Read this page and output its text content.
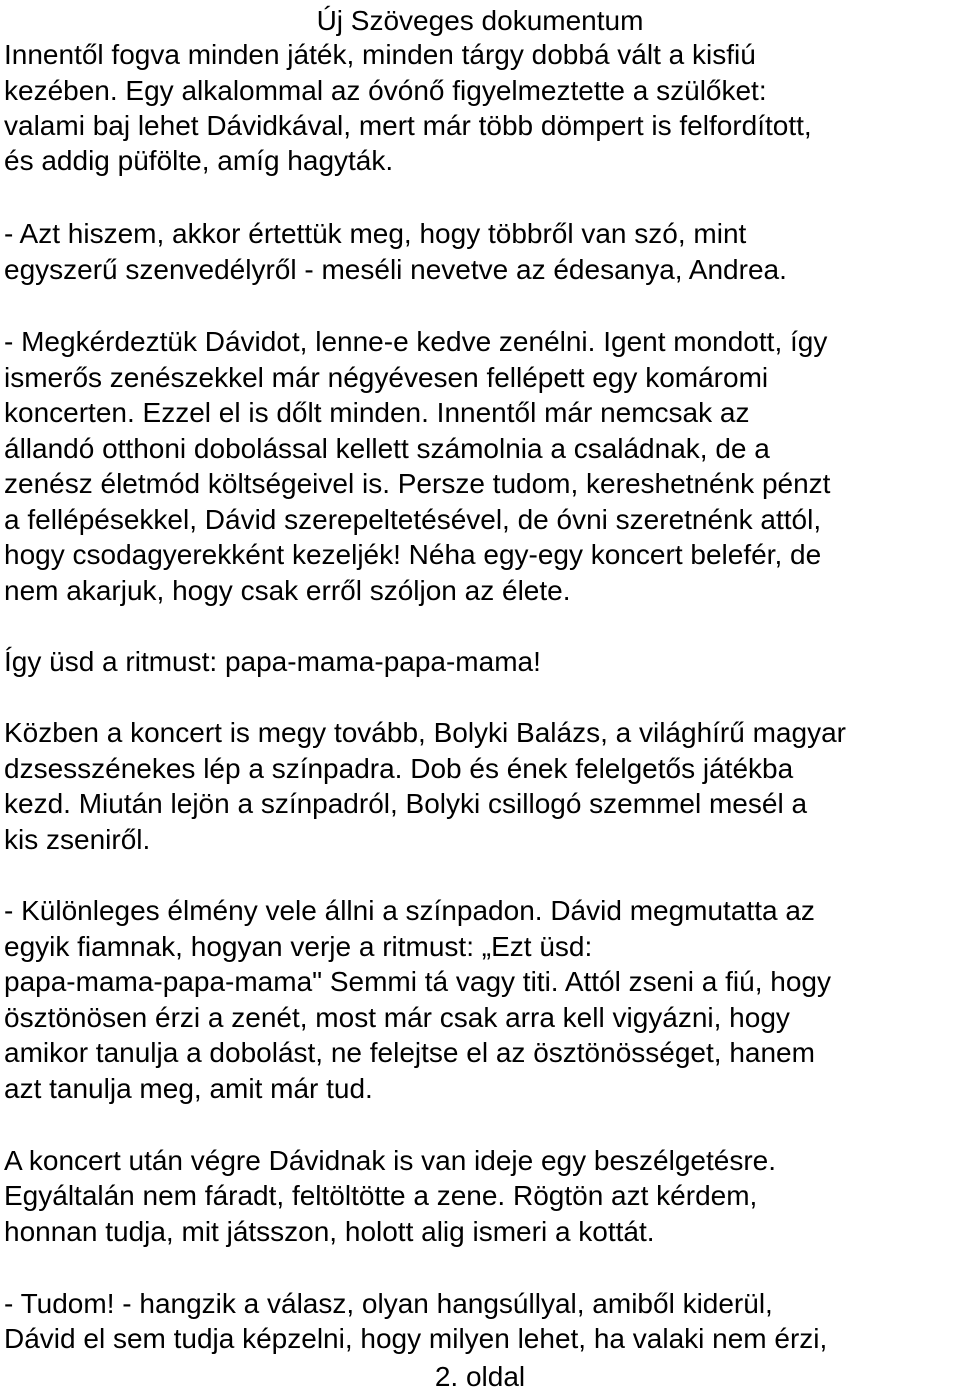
Új Szöveges dokumentum
Innentől fogva minden játék, minden tárgy dobbá vált a kisfiú
kezében. Egy alkalommal az óvónő figyelmeztette a szülőket:
valami baj lehet Dávidkával, mert már több dömpert is felfordított,
és addig püfölte, amíg hagyták.
- Azt hiszem, akkor értettük meg, hogy többről van szó, mint
egyszerű szenvedélyről - meséli nevetve az édesanya, Andrea.
- Megkérdeztük Dávidot, lenne-e kedve zenélni. Igent mondott, így
ismerős zenészekkel már négyévesen fellépett egy komáromi
koncerten. Ezzel el is dőlt minden. Innentől már nemcsak az
állandó otthoni dobolással kellett számolnia a családnak, de a
zenész életmód költségeivel is. Persze tudom, kereshetnénk pénzt
a fellépésekkel, Dávid szerepeltetésével, de óvni szeretnénk attól,
hogy csodagyerekként kezeljék! Néha egy-egy koncert belefér, de
nem akarjuk, hogy csak erről szóljon az élete.
Így üsd a ritmust: papa-mama-papa-mama!
Közben a koncert is megy tovább, Bolyki Balázs, a világhírű magyar
dzsesszénekes lép a színpadra. Dob és ének felelgetős játékba
kezd. Miután lejön a színpadról, Bolyki csillogó szemmel mesél a
kis zseniről.
- Különleges élmény vele állni a színpadon. Dávid megmutatta az
egyik fiamnak, hogyan verje a ritmust: „Ezt üsd:
papa-mama-papa-mama" Semmi tá vagy titi. Attól zseni a fiú, hogy
ösztönösen érzi a zenét, most már csak arra kell vigyázni, hogy
amikor tanulja a dobolást, ne felejtse el az ösztönösséget, hanem
azt tanulja meg, amit már tud.
A koncert után végre Dávidnak is van ideje egy beszélgetésre.
Egyáltalán nem fáradt, feltöltötte a zene. Rögtön azt kérdem,
honnan tudja, mit játsszon, holott alig ismeri a kottát.
- Tudom! - hangzik a válasz, olyan hangsúllyal, amiből kiderül,
Dávid el sem tudja képzelni, hogy milyen lehet, ha valaki nem érzi,
2. oldal
